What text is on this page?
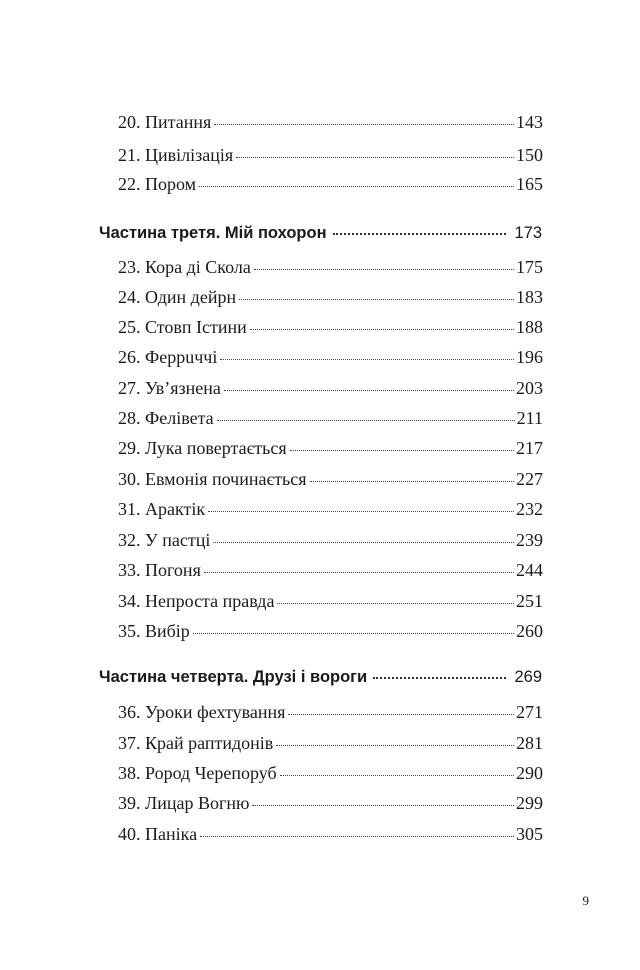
20. Питання	143
21. Цивілізація	150
22. Пором	165
Частина третя. Мій похорон	173
23. Кора ді Скола	175
24. Один дейрн	183
25. Стовп Істини	188
26. Феррuччі	196
27. Ув’язнена	203
28. Фелівета	211
29. Лука повертається	217
30. Евмонія починається	227
31. Арактік	232
32. У пастці	239
33. Погоня	244
34. Непроста правда	251
35. Вибір	260
Частина четверта. Друзі і вороги	269
36. Уроки фехтування	271
37. Край раптидонів	281
38. Рород Черепоруб	290
39. Лицар Вогню	299
40. Паніка	305
9
